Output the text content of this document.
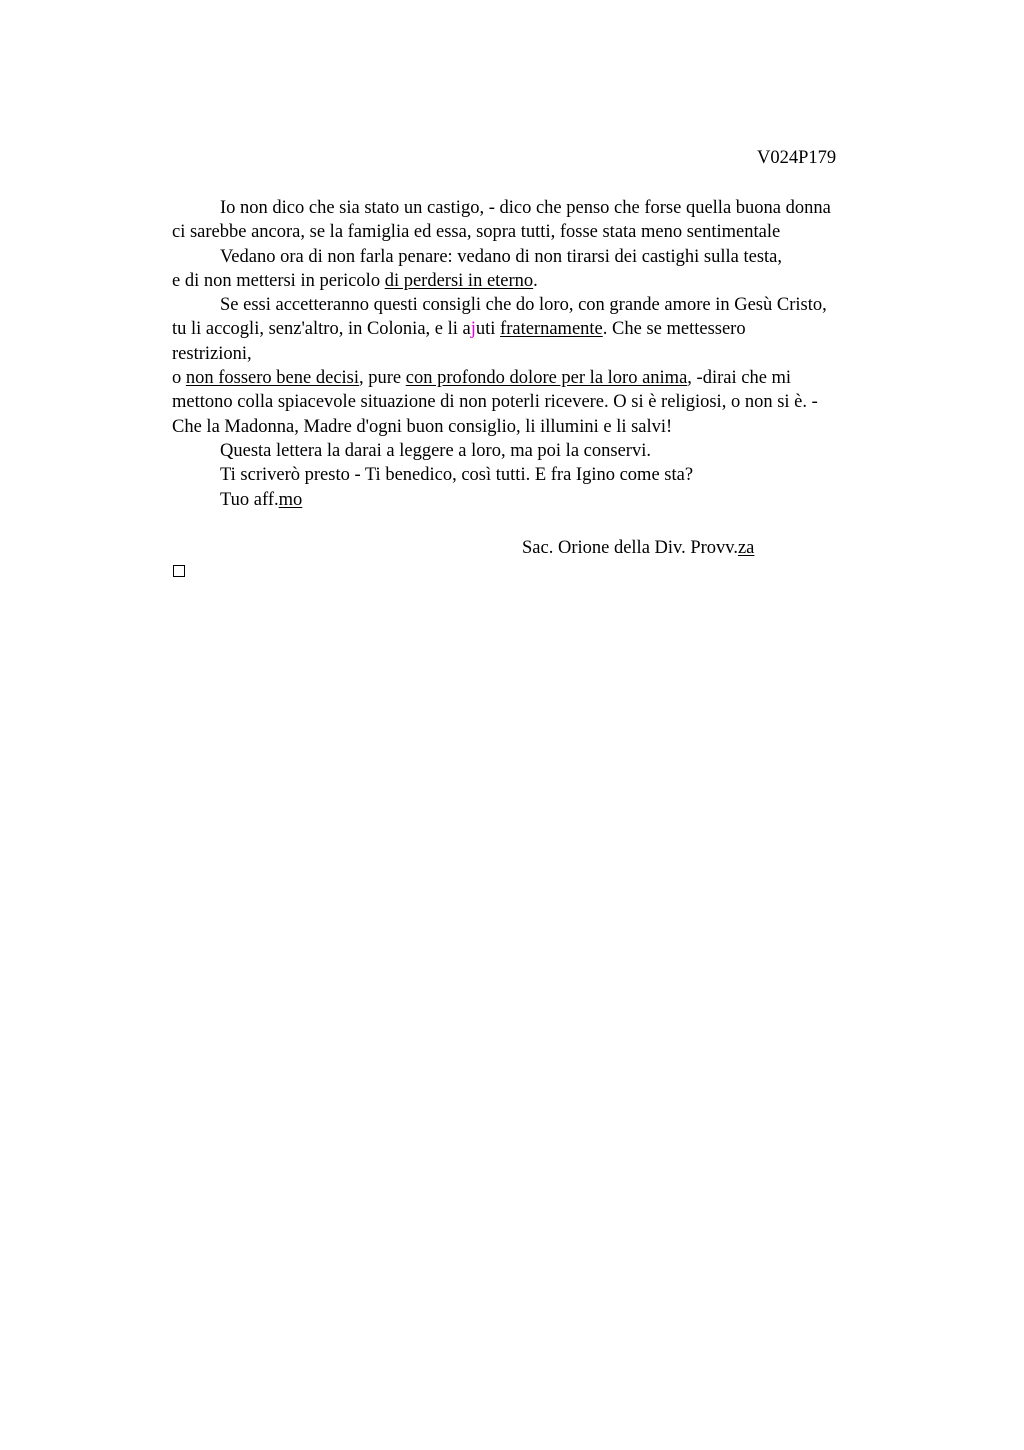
V024P179
Io non dico che sia stato un castigo, - dico che penso che forse quella buona donna
ci sarebbe ancora, se la famiglia ed essa, sopra tutti, fosse stata meno sentimentale
Vedano ora di non farla penare: vedano di non tirarsi dei castighi sulla testa,
e di non mettersi in pericolo di perdersi in eterno.
Se essi accetteranno questi consigli che do loro, con grande amore in Gesù Cristo,
tu li accogli, senz'altro, in Colonia, e li ajuti fraternamente. Che se mettessero
restrizioni,
o non fossero bene decisi, pure con profondo dolore per la loro anima, -dirai che mi
mettono colla spiacevole situazione di non poterli ricevere. O si è religiosi, o non si è. -
Che la Madonna, Madre d'ogni buon consiglio, li illumini e li salvi!
Questa lettera la darai a leggere a loro, ma poi la conservi.
Ti scriverò presto - Ti benedico, così tutti. E fra Igino come sta?
Tuo aff.mo
Sac. Orione della Div. Provv.za
